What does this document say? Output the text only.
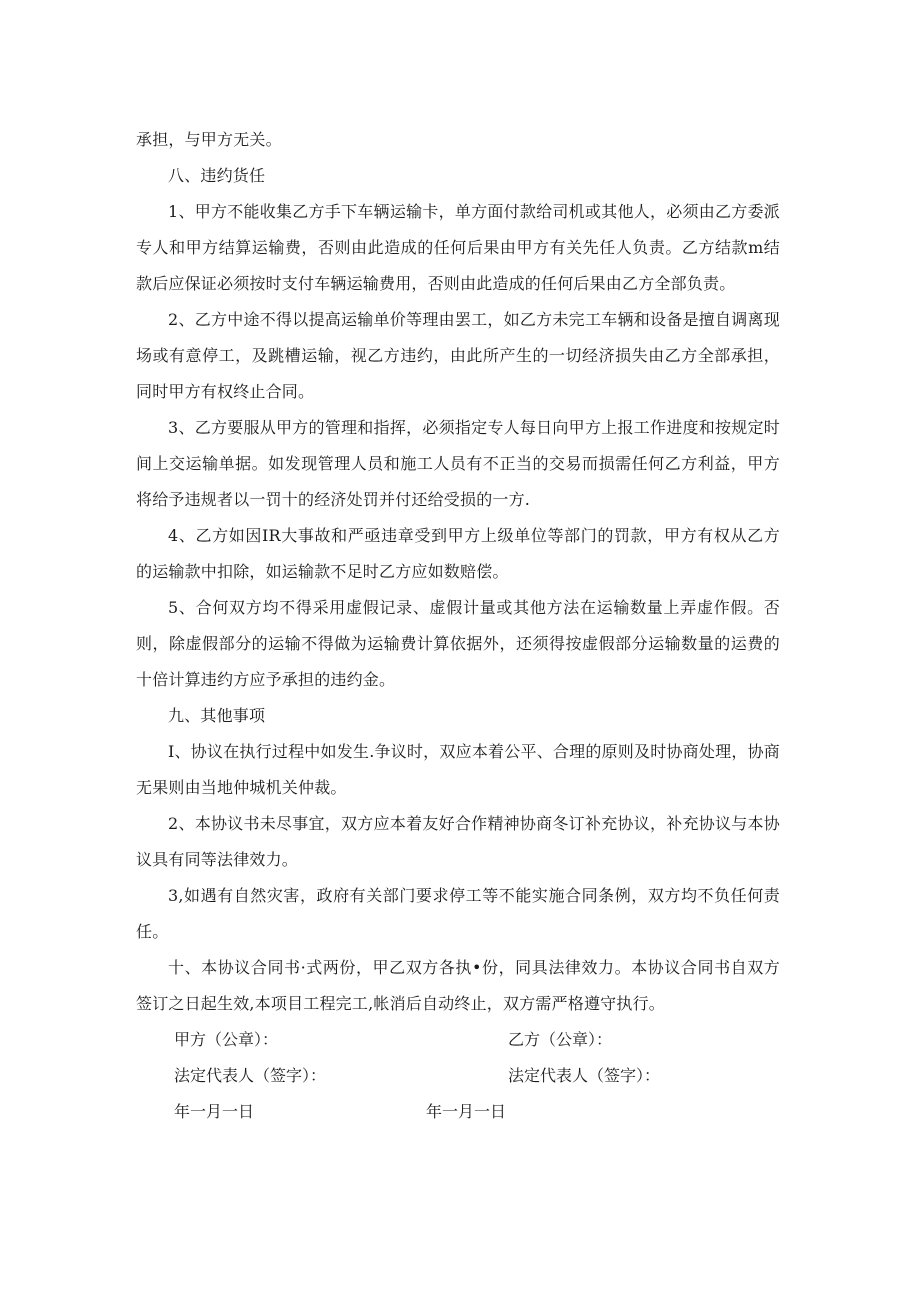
承担，与甲方无关。

八、违约货任

1、甲方不能收集乙方手下车辆运输卡，单方面付款给司机或其他人，必须由乙方委派专人和甲方结算运输费，否则由此造成的任何后果由甲方有关先任人负责。乙方结款m结款后应保证必须按时支付车辆运输费用，否则由此造成的任何后果由乙方全部负责。

2、乙方中途不得以提高运输单价等理由罢工，如乙方未完工车辆和设备是擅自调离现场或有意停工，及跳槽运输，视乙方违约，由此所产生的一切经济损失由乙方全部承担，同时甲方有权终止合同。

3、乙方要服从甲方的管理和指挥，必须指定专人每日向甲方上报工作进度和按规定时间上交运输单据。如发现管理人员和施工人员有不正当的交易而损需任何乙方利益，甲方将给予违规者以一罚十的经济处罚并付还给受损的一方.

4、乙方如因IR大事故和严亟违章受到甲方上级单位等部门的罚款，甲方有权从乙方的运输款中扣除，如运输款不足时乙方应如数赔偿。

5、合何双方均不得采用虚假记录、虚假计量或其他方法在运输数量上弄虚作假。否则，除虚假部分的运输不得做为运输费计算依据外，还须得按虚假部分运输数量的运费的十倍计算违约方应予承担的违约金。

九、其他事项

I、协议在执行过程中如发生.争议时，双应本着公平、合理的原则及时协商处理，协商无果则由当地仲城机关仲裁。

2、本协议书未尽事宜，双方应本着友好合作精神协商冬订补充协议，补充协议与本协议具有同等法律效力。

3,如遇有自然灾害，政府有关部门要求停工等不能实施合同条例，双方均不负任何责任。

十、本协议合同书·式两份，甲乙双方各执•份，同具法律效力。本协议合同书自双方签订之日起生效,本项目工程完工,帐消后自动终止，双方需严格遵守执行。

甲方（公章）：	乙方（公章）：
法定代表人（签字）：	法定代表人（签字）：
年一月一日	年一月一日
